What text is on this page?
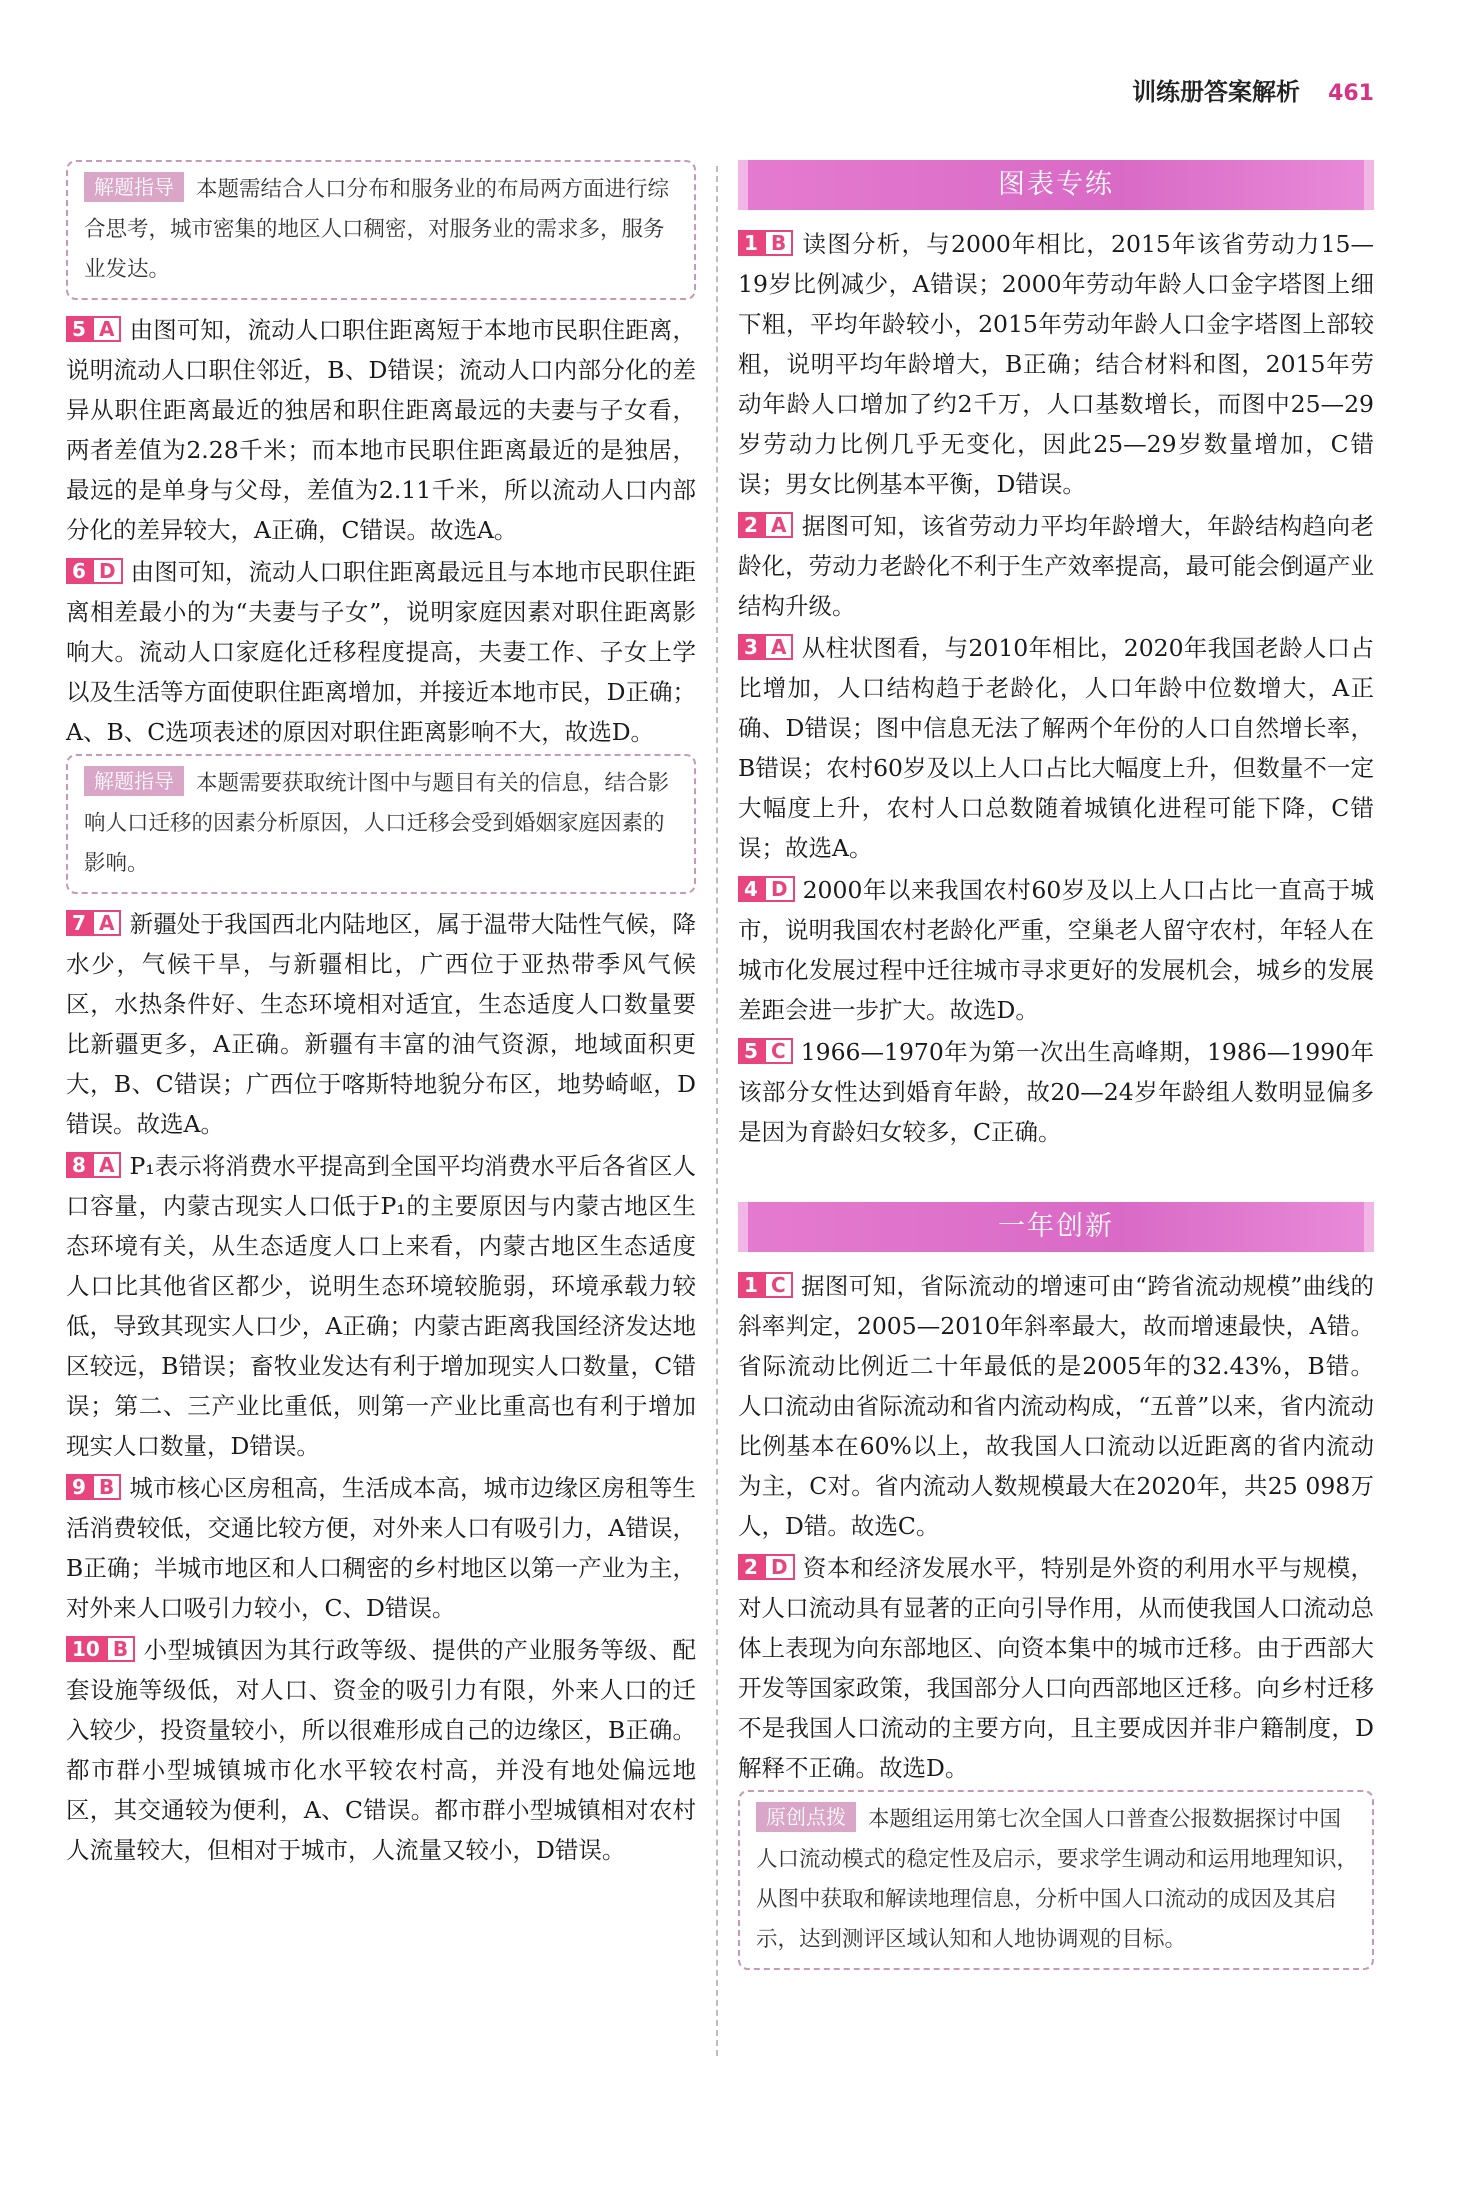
训练册答案解析 461
解题指导 本题需结合人口分布和服务业的布局两方面进行综合思考，城市密集的地区人口稠密，对服务业的需求多，服务业发达。

5 A 由图可知，流动人口职住距离短于本地市民职住距离，说明流动人口职住邻近，B、D错误；流动人口内部分化的差异从职住距离最近的独居和职住距离最远的夫妻与子女看，两者差值为2.28千米；而本地市民职住距离最近的是独居，最远的是单身与父母，差值为2.11千米，所以流动人口内部分化的差异较大，A正确，C错误。故选A。

6 D 由图可知，流动人口职住距离最远且与本地市民职住距离相差最小的为“夫妻与子女”，说明家庭因素对职住距离影响大。流动人口家庭化迁移程度提高，夫妻工作、子女上学以及生活等方面使职住距离增加，并接近本地市民，D正确；A、B、C选项表述的原因对职住距离影响不大，故选D。

解题指导 本题需要获取统计图中与题目有关的信息，结合影响人口迁移的因素分析原因，人口迁移会受到婚姻家庭因素的影响。

7 A 新疆处于我国西北内陆地区，属于温带大陆性气候，降水少，气候干旱，与新疆相比，广西位于亚热带季风气候区，水热条件好、生态环境相对适宜，生态适度人口数量要比新疆更多，A正确。新疆有丰富的油气资源，地域面积更大，B、C错误；广西位于喀斯特地貌分布区，地势崎岖，D错误。故选A。

8 A P₁表示将消费水平提高到全国平均消费水平后各省区人口容量，内蒙古现实人口低于P₁的主要原因与内蒙古地区生态环境有关，从生态适度人口上来看，内蒙古地区生态适度人口比其他省区都少，说明生态环境较脆弱，环境承载力较低，导致其现实人口少，A正确；内蒙古距离我国经济发达地区较远，B错误；畜牧业发达有利于增加现实人口数量，C错误；第二、三产业比重低，则第一产业比重高也有利于增加现实人口数量，D错误。

9 B 城市核心区房租高，生活成本高，城市边缘区房租等生活消费较低，交通比较方便，对外来人口有吸引力，A错误，B正确；半城市地区和人口稠密的乡村地区以第一产业为主，对外来人口吸引力较小，C、D错误。

10 B 小型城镇因为其行政等级、提供的产业服务等级、配套设施等级低，对人口、资金的吸引力有限，外来人口的迁入较少，投资量较小，所以很难形成自己的边缘区，B正确。都市群小型城镇城市化水平较农村高，并没有地处偏远地区，其交通较为便利，A、C错误。都市群小型城镇相对农村人流量较大，但相对于城市，人流量又较小，D错误。

图表专练

1 B 读图分析，与2000年相比，2015年该省劳动力15—19岁比例减少，A错误；2000年劳动年龄人口金字塔图上细下粗，平均年龄较小，2015年劳动年龄人口金字塔图上部较粗，说明平均年龄增大，B正确；结合材料和图，2015年劳动年龄人口增加了约2千万，人口基数增长，而图中25—29岁劳动力比例几乎无变化，因此25—29岁数量增加，C错误；男女比例基本平衡，D错误。

2 A 据图可知，该省劳动力平均年龄增大，年龄结构趋向老龄化，劳动力老龄化不利于生产效率提高，最可能会倒逼产业结构升级。

3 A 从柱状图看，与2010年相比，2020年我国老龄人口占比增加，人口结构趋于老龄化，人口年龄中位数增大，A正确、D错误；图中信息无法了解两个年份的人口自然增长率，B错误；农村60岁及以上人口占比大幅度上升，但数量不一定大幅度上升，农村人口总数随着城镇化进程可能下降，C错误；故选A。

4 D 2000年以来我国农村60岁及以上人口占比一直高于城市，说明我国农村老龄化严重，空巢老人留守农村，年轻人在城市化发展过程中迁往城市寻求更好的发展机会，城乡的发展差距会进一步扩大。故选D。

5 C 1966—1970年为第一次出生高峰期，1986—1990年该部分女性达到婚育年龄，故20—24岁年龄组人数明显偏多是因为育龄妇女较多，C正确。

一年创新

1 C 据图可知，省际流动的增速可由“跨省流动规模”曲线的斜率判定，2005—2010年斜率最大，故而增速最快，A错。省际流动比例近二十年最低的是2005年的32.43%，B错。人口流动由省际流动和省内流动构成，“五普”以来，省内流动比例基本在60%以上，故我国人口流动以近距离的省内流动为主，C对。省内流动人数规模最大在2020年，共25 098万人，D错。故选C。

2 D 资本和经济发展水平，特别是外资的利用水平与规模，对人口流动具有显著的正向引导作用，从而使我国人口流动总体上表现为向东部地区、向资本集中的城市迁移。由于西部大开发等国家政策，我国部分人口向西部地区迁移。向乡村迁移不是我国人口流动的主要方向，且主要成因并非户籍制度，D解释不正确。故选D。

原创点拨 本题组运用第七次全国人口普查公报数据探讨中国人口流动模式的稳定性及启示，要求学生调动和运用地理知识，从图中获取和解读地理信息，分析中国人口流动的成因及其启示，达到测评区域认知和人地协调观的目标。
